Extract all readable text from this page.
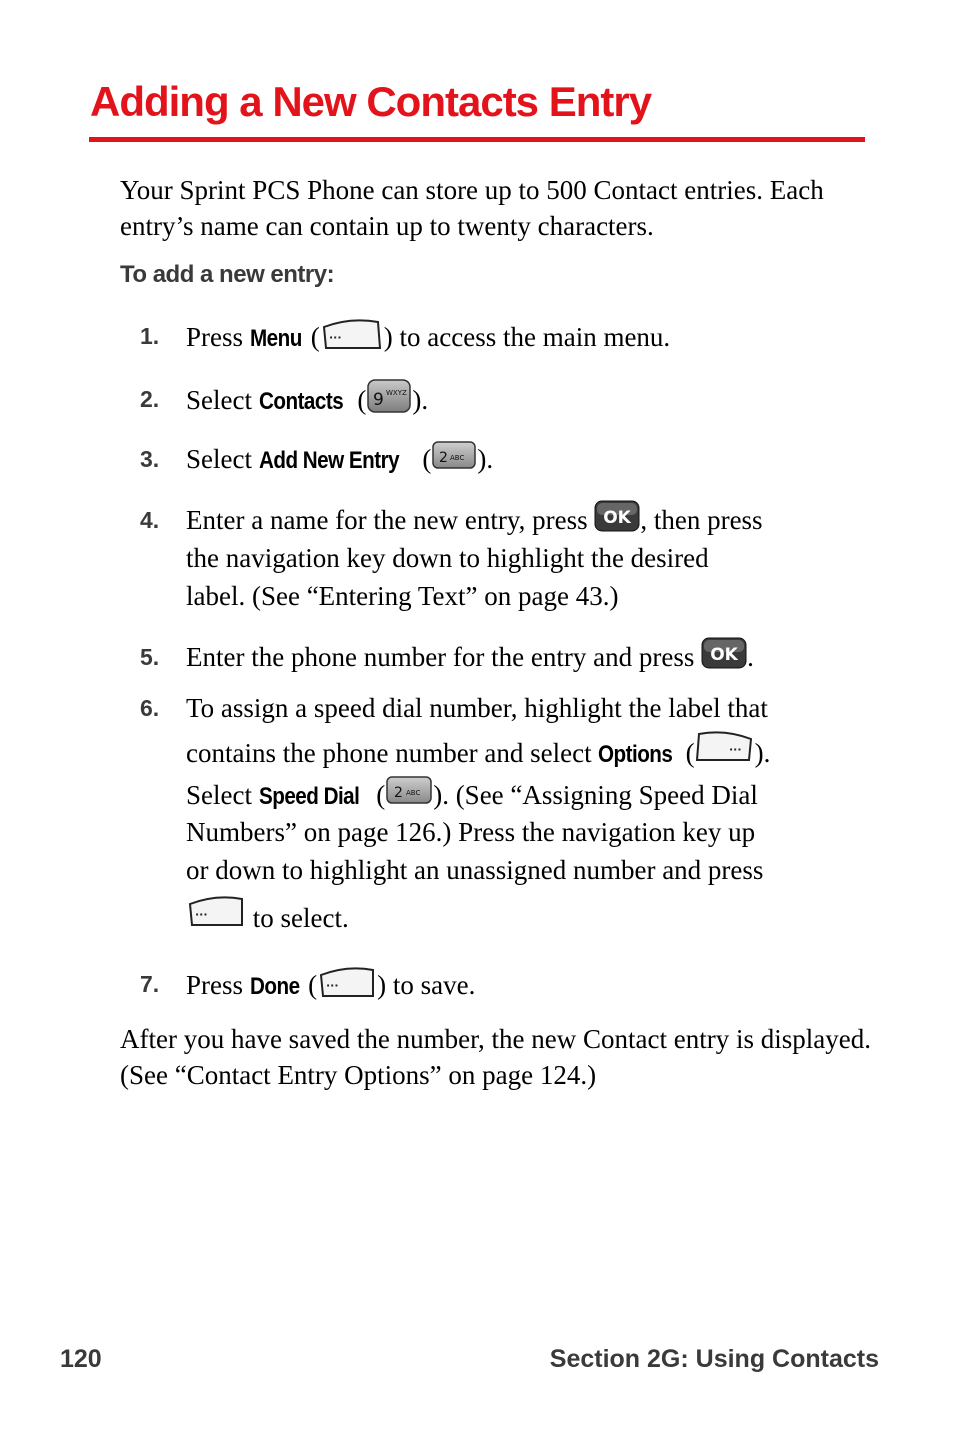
Adding a New Contacts Entry

Your Sprint PCS Phone can store up to 500 Contact entries. Each entry’s name can contain up to twenty characters.

To add a new entry:

1. Press Menu ( ··· ) to access the main menu.
2. Select Contacts ( 9 WXYZ ).
3. Select Add New Entry ( 2 ABC ).
4. Enter a name for the new entry, press OK , then press
the navigation key down to highlight the desired
label. (See “Entering Text” on page 43.)
5. Enter the phone number for the entry and press OK .
6. To assign a speed dial number, highlight the label that
contains the phone number and select Options (	··· ).
Select Speed Dial ( 2 ABC ). (See “Assigning Speed Dial
Numbers” on page 126.) Press the navigation key up
or down to highlight an unassigned number and press
··· to select.
7. Press Done ( ··· ) to save.

After you have saved the number, the new Contact entry is displayed. (See “Contact Entry Options” on page 124.)

120	Section 2G: Using Contacts
